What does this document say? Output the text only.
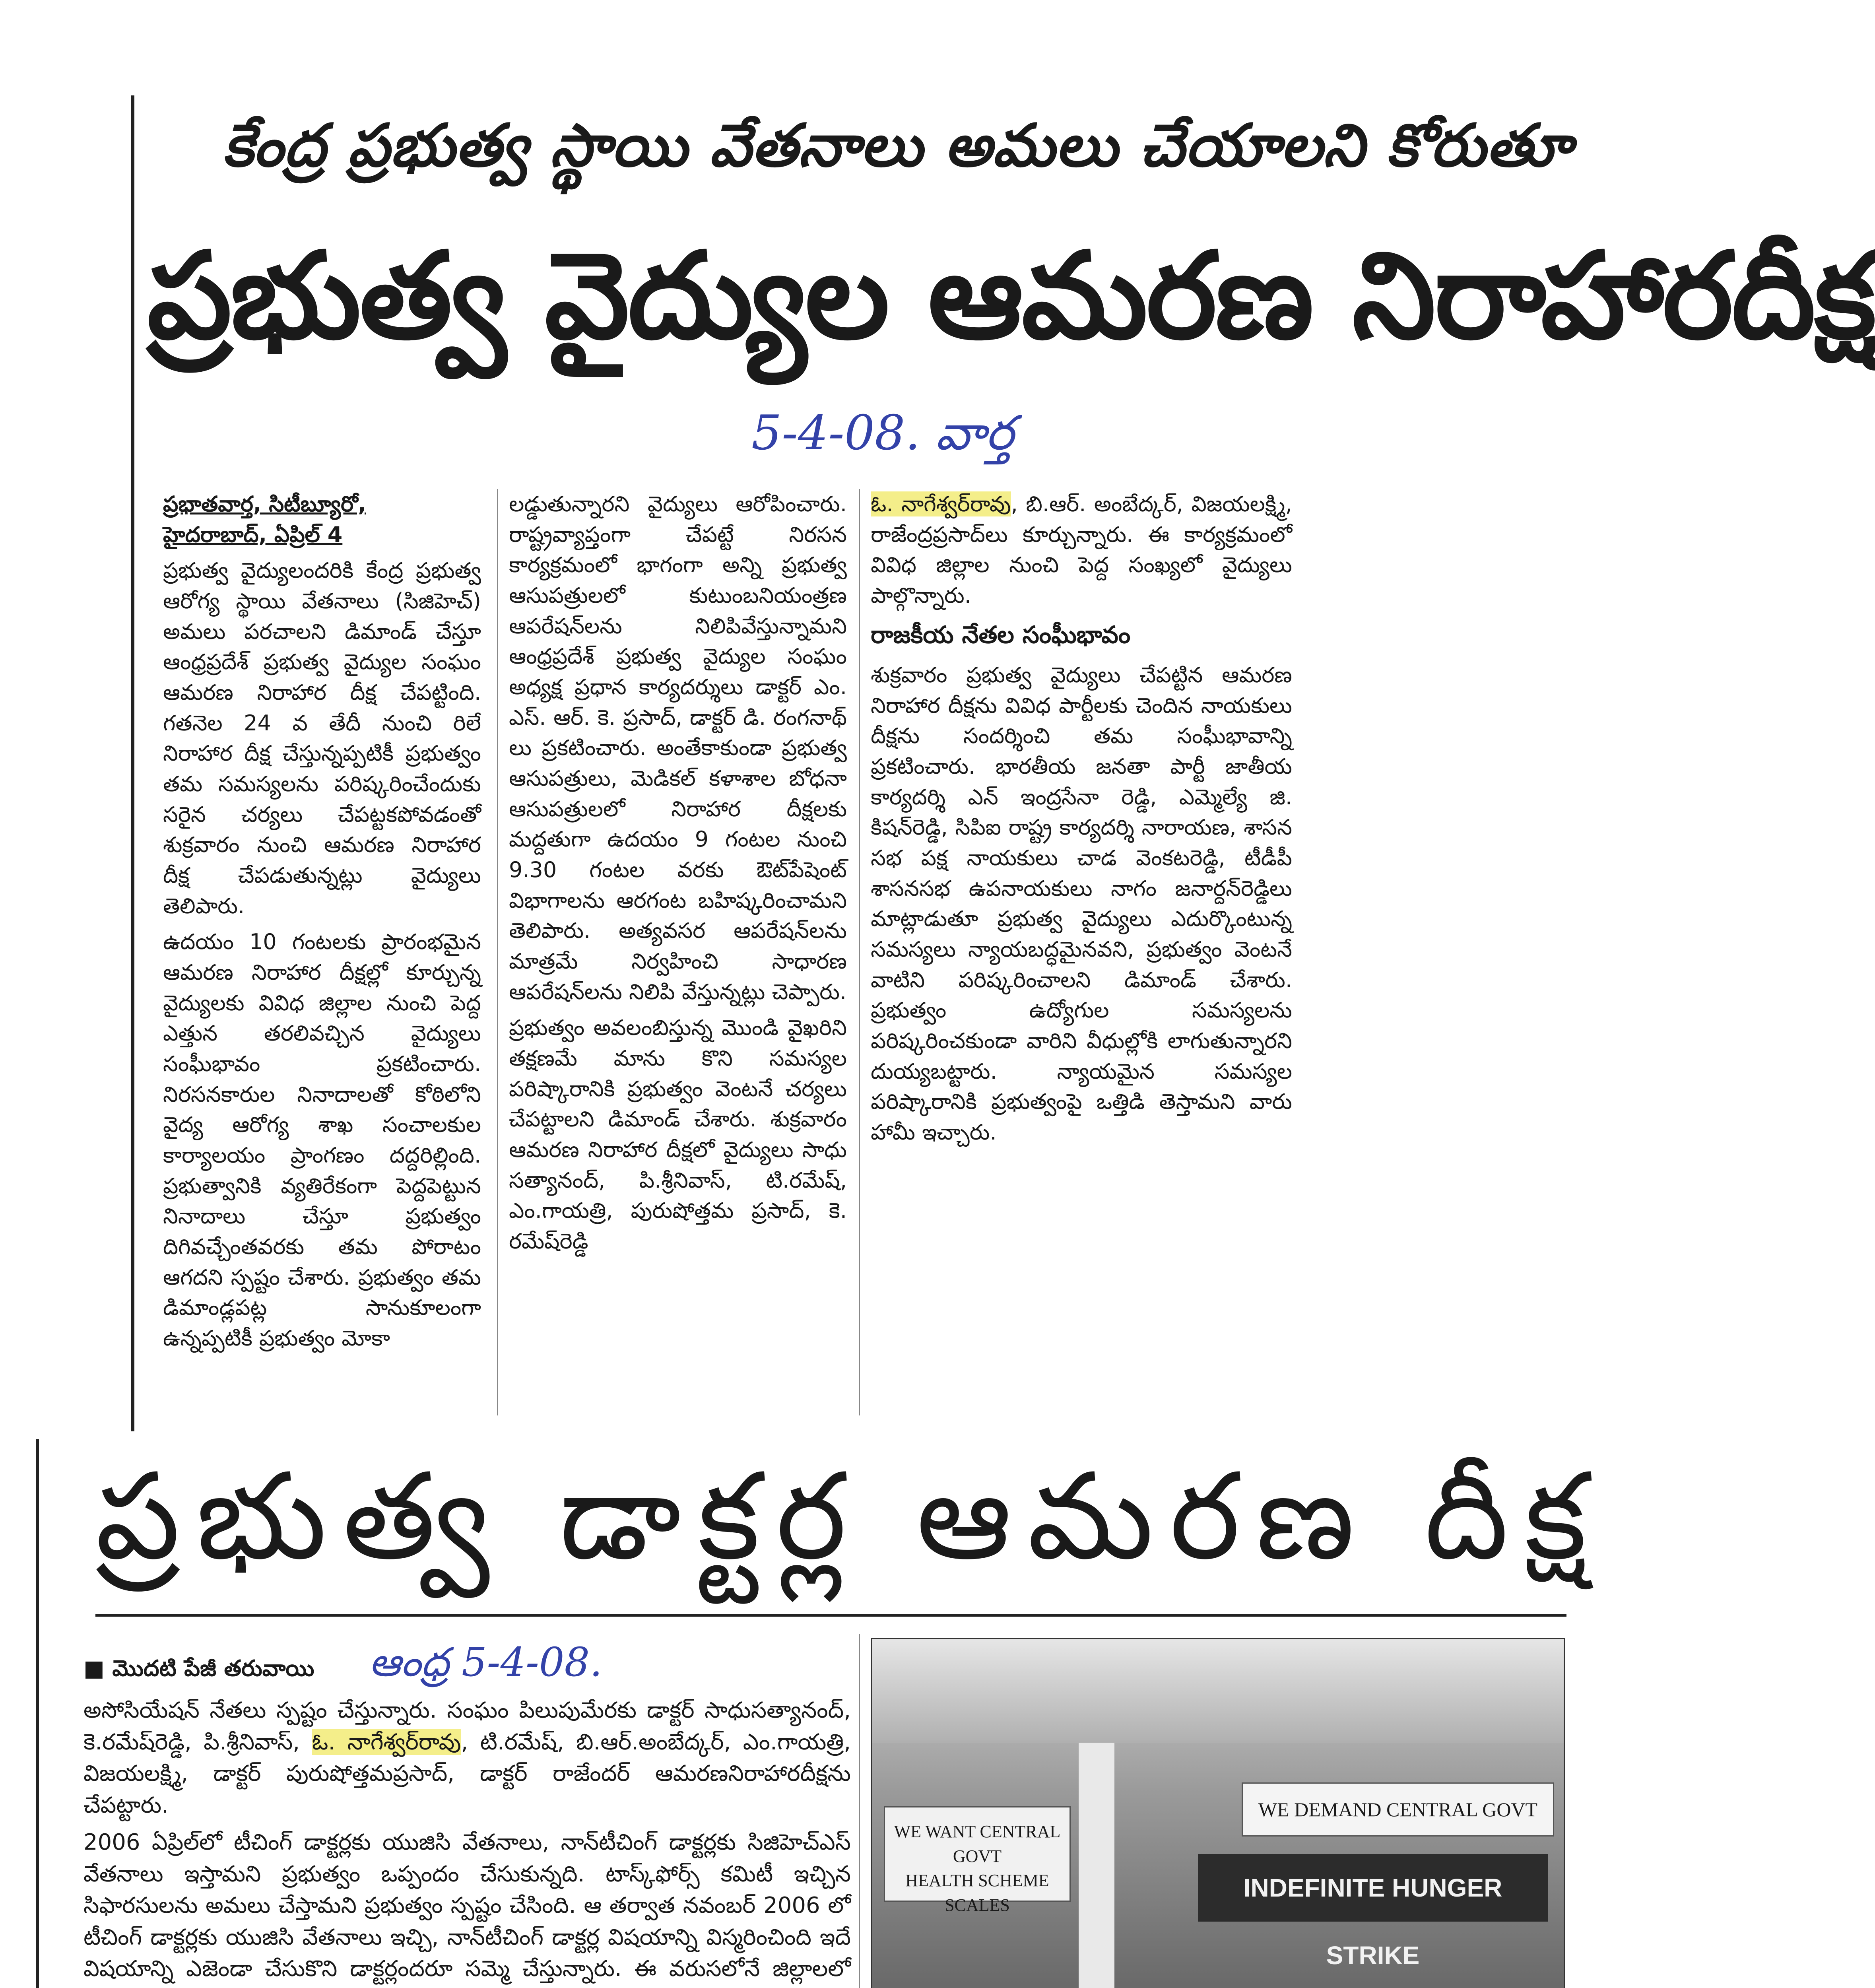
కేంద్ర ప్రభుత్వ స్థాయి వేతనాలు అమలు చేయాలని కోరుతూ
ప్రభుత్వ వైద్యుల ఆమరణ నిరాహారదీక్ష
5-4-08. వార్త
ప్రభాతవార్త, సిటీబ్యూరో,
హైదరాబాద్, ఏప్రిల్ 4

ప్రభుత్వ వైద్యులందరికి కేంద్ర ప్రభుత్వ ఆరోగ్య స్థాయి వేతనాలు (సిజిహెచ్) అమలు పరచాలని డిమాండ్ చేస్తూ ఆంధ్రప్రదేశ్ ప్రభుత్వ వైద్యుల సంఘం ఆమరణ నిరాహార దీక్ష చేపట్టింది. గతనెల 24 వ తేదీ నుంచి రిలే నిరాహార దీక్ష చేస్తున్నప్పటికీ ప్రభుత్వం తమ సమస్యలను పరిష్కరించేందుకు సరైన చర్యలు చేపట్టకపోవడంతో శుక్రవారం నుంచి ఆమరణ నిరాహార దీక్ష చేపడుతున్నట్లు వైద్యులు తెలిపారు.

ఉదయం 10 గంటలకు ప్రారంభమైన ఆమరణ నిరాహార దీక్షల్లో కూర్చున్న వైద్యులకు వివిధ జిల్లాల నుంచి పెద్ద ఎత్తున తరలివచ్చిన వైద్యులు సంఘీభావం ప్రకటించారు. నిరసనకారుల నినాదాలతో కోఠిలోని వైద్య ఆరోగ్య శాఖ సంచాలకుల కార్యాలయం ప్రాంగణం దద్దరిల్లింది. ప్రభుత్వానికి వ్యతిరేకంగా పెద్దపెట్టున నినాదాలు చేస్తూ ప్రభుత్వం దిగివచ్చేంతవరకు తమ పోరాటం ఆగదని స్పష్టం చేశారు. ప్రభుత్వం తమ డిమాండ్లపట్ల సానుకూలంగా ఉన్నప్పటికీ ప్రభుత్వం మోకా

లడ్డుతున్నారని వైద్యులు ఆరోపించారు. రాష్ట్రవ్యాప్తంగా చేపట్టే నిరసన కార్యక్రమంలో భాగంగా అన్ని ప్రభుత్వ ఆసుపత్రులలో కుటుంబనియంత్రణ ఆపరేషన్‌లను నిలిపివేస్తున్నామని ఆంధ్రప్రదేశ్ ప్రభుత్వ వైద్యుల సంఘం అధ్యక్ష ప్రధాన కార్యదర్శులు డాక్టర్ ఎం. ఎస్. ఆర్. కె. ప్రసాద్, డాక్టర్ డి. రంగనాథ్ లు ప్రకటించారు. అంతేకాకుండా ప్రభుత్వ ఆసుపత్రులు, మెడికల్ కళాశాల బోధనా ఆసుపత్రులలో నిరాహార దీక్షలకు మద్దతుగా ఉదయం 9 గంటల నుంచి 9.30 గంటల వరకు ఔట్‌పేషెంట్ విభాగాలను ఆరగంట బహిష్కరించామని తెలిపారు. అత్యవసర ఆపరేషన్‌లను మాత్రమే నిర్వహించి సాధారణ ఆపరేషన్‌లను నిలిపి వేస్తున్నట్లు చెప్పారు.

ప్రభుత్వం అవలంబిస్తున్న మొండి వైఖరిని తక్షణమే మాను కొని సమస్యల పరిష్కారానికి ప్రభుత్వం వెంటనే చర్యలు చేపట్టాలని డిమాండ్ చేశారు. శుక్రవారం ఆమరణ నిరాహార దీక్షలో వైద్యులు సాధు సత్యానంద్, పి.శ్రీనివాస్, టి.రమేష్, ఎం.గాయత్రి, పురుషోత్తమ ప్రసాద్, కె. రమేష్‌రెడ్డి

ఓ. నాగేశ్వర్‌రావు, బి.ఆర్. అంబేద్కర్, విజయలక్ష్మి, రాజేంద్రప్రసాద్‌లు కూర్చున్నారు. ఈ కార్యక్రమంలో వివిధ జిల్లాల నుంచి పెద్ద సంఖ్యలో వైద్యులు పాల్గొన్నారు.

రాజకీయ నేతల సంఘీభావం

శుక్రవారం ప్రభుత్వ వైద్యులు చేపట్టిన ఆమరణ నిరాహార దీక్షను వివిధ పార్టీలకు చెందిన నాయకులు దీక్షను సందర్శించి తమ సంఘీభావాన్ని ప్రకటించారు. భారతీయ జనతా పార్టీ జాతీయ కార్యదర్శి ఎన్ ఇంద్రసేనా రెడ్డి, ఎమ్మెల్యే జి. కిషన్‌రెడ్డి, సిపిఐ రాష్ట్ర కార్యదర్శి నారాయణ, శాసన సభ పక్ష నాయకులు చాడ వెంకటరెడ్డి, టీడీపీ శాసనసభ ఉపనాయకులు నాగం జనార్దన్‌రెడ్డిలు మాట్లాడుతూ ప్రభుత్వ వైద్యులు ఎదుర్కొంటున్న సమస్యలు న్యాయబద్ధమైనవని, ప్రభుత్వం వెంటనే వాటిని పరిష్కరించాలని డిమాండ్ చేశారు. ప్రభుత్వం ఉద్యోగుల సమస్యలను పరిష్కరించకుండా వారిని వీధుల్లోకి లాగుతున్నారని దుయ్యబట్టారు. న్యాయమైన సమస్యల పరిష్కారానికి ప్రభుత్వంపై ఒత్తిడి తెస్తామని వారు హామీ ఇచ్చారు.

ప్రభుత్వ డాక్టర్ల ఆమరణ దీక్ష
■ మొదటి పేజీ తరువాయి ఆంధ్ర 5-4-08.

అసోసియేషన్ నేతలు స్పష్టం చేస్తున్నారు. సంఘం పిలుపుమేరకు డాక్టర్ సాధుసత్యానంద్, కె.రమేష్‌రెడ్డి, పి.శ్రీనివాస్, ఓ. నాగేశ్వర్‌రావు, టి.రమేష్, బి.ఆర్.అంబేద్కర్, ఎం.గాయత్రి, విజయలక్ష్మి, డాక్టర్ పురుషోత్తమప్రసాద్, డాక్టర్ రాజేందర్ ఆమరణనిరాహారదీక్షను చేపట్టారు.

2006 ఏప్రిల్‌లో టీచింగ్ డాక్టర్లకు యుజిసి వేతనాలు, నాన్‌టీచింగ్ డాక్టర్లకు సిజిహెచ్‌ఎస్ వేతనాలు ఇస్తామని ప్రభుత్వం ఒప్పందం చేసుకున్నది. టాస్క్‌ఫోర్స్ కమిటీ ఇచ్చిన సిఫారసులను అమలు చేస్తామని ప్రభుత్వం స్పష్టం చేసింది. ఆ తర్వాత నవంబర్ 2006 లో టీచింగ్ డాక్టర్లకు యుజిసి వేతనాలు ఇచ్చి, నాన్‌టీచింగ్ డాక్టర్ల విషయాన్ని విస్మరించింది ఇదే విషయాన్ని ఎజెండా చేసుకొని డాక్టర్లందరూ సమ్మె చేస్తున్నారు. ఈ వరుసలోనే జిల్లాలలో

WE WANT CENTRAL GOVT
HEALTH SCHEME SCALES
WE DEMAND CENTRAL GOVT
INDEFINITE HUNGER STRIKE
